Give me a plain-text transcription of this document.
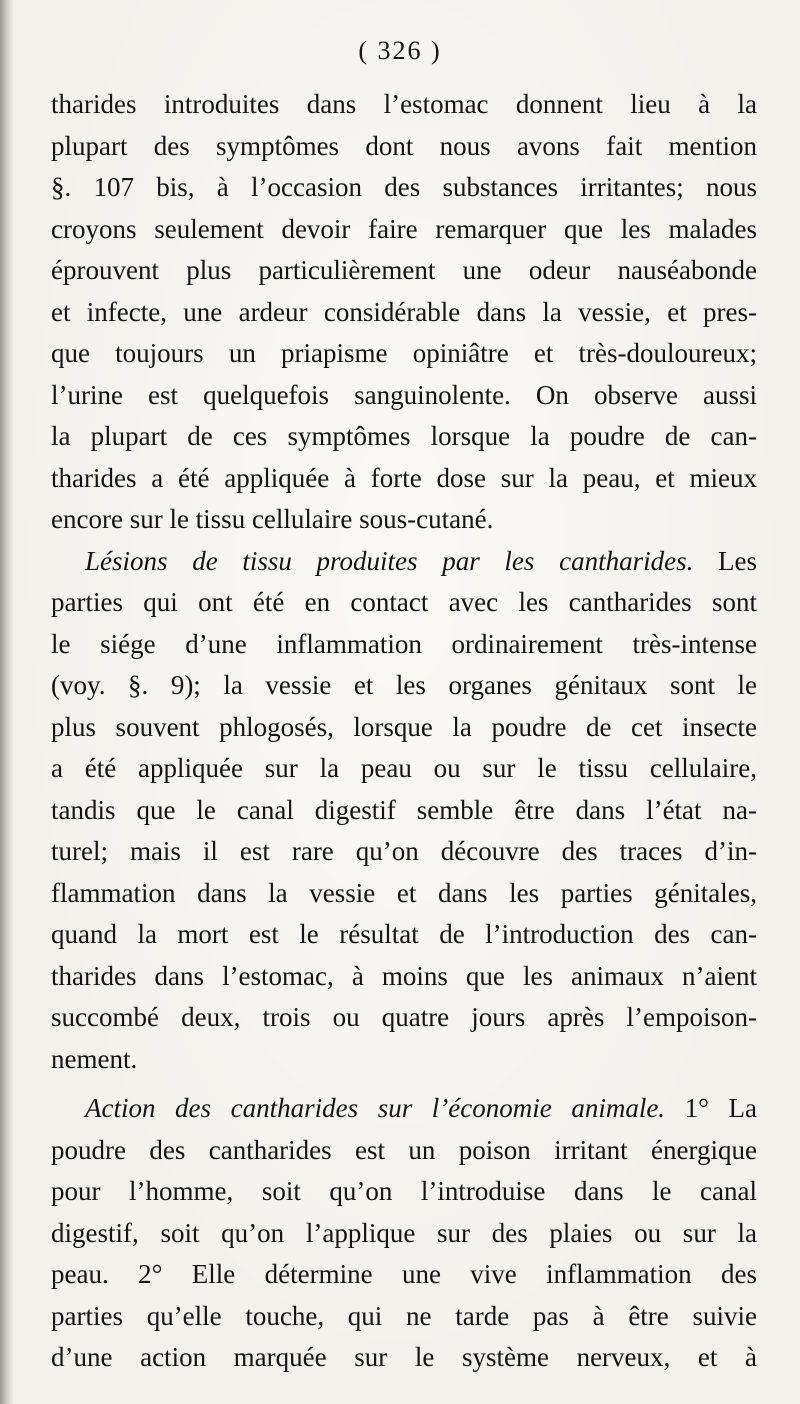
( 326 )
tharides introduites dans l’estomac donnent lieu à la
plupart des symptômes dont nous avons fait mention
§. 107 bis, à l’occasion des substances irritantes; nous
croyons seulement devoir faire remarquer que les malades
éprouvent plus particulièrement une odeur nauséabonde
et infecte, une ardeur considérable dans la vessie, et pres-
que toujours un priapisme opiniâtre et très-douloureux;
l’urine est quelquefois sanguinolente. On observe aussi
la plupart de ces symptômes lorsque la poudre de can-
tharides a été appliquée à forte dose sur la peau, et mieux
encore sur le tissu cellulaire sous-cutané.
Lésions de tissu produites par les cantharides. Les
parties qui ont été en contact avec les cantharides sont
le siége d’une inflammation ordinairement très-intense
(voy. §. 9); la vessie et les organes génitaux sont le
plus souvent phlogosés, lorsque la poudre de cet insecte
a été appliquée sur la peau ou sur le tissu cellulaire,
tandis que le canal digestif semble être dans l’état na-
turel; mais il est rare qu’on découvre des traces d’in-
flammation dans la vessie et dans les parties génitales,
quand la mort est le résultat de l’introduction des can-
tharides dans l’estomac, à moins que les animaux n’aient
succombé deux, trois ou quatre jours après l’empoison-
nement.
Action des cantharides sur l’économie animale. 1° La
poudre des cantharides est un poison irritant énergique
pour l’homme, soit qu’on l’introduise dans le canal
digestif, soit qu’on l’applique sur des plaies ou sur la
peau. 2° Elle détermine une vive inflammation des
parties qu’elle touche, qui ne tarde pas à être suivie
d’une action marquée sur le système nerveux, et à
